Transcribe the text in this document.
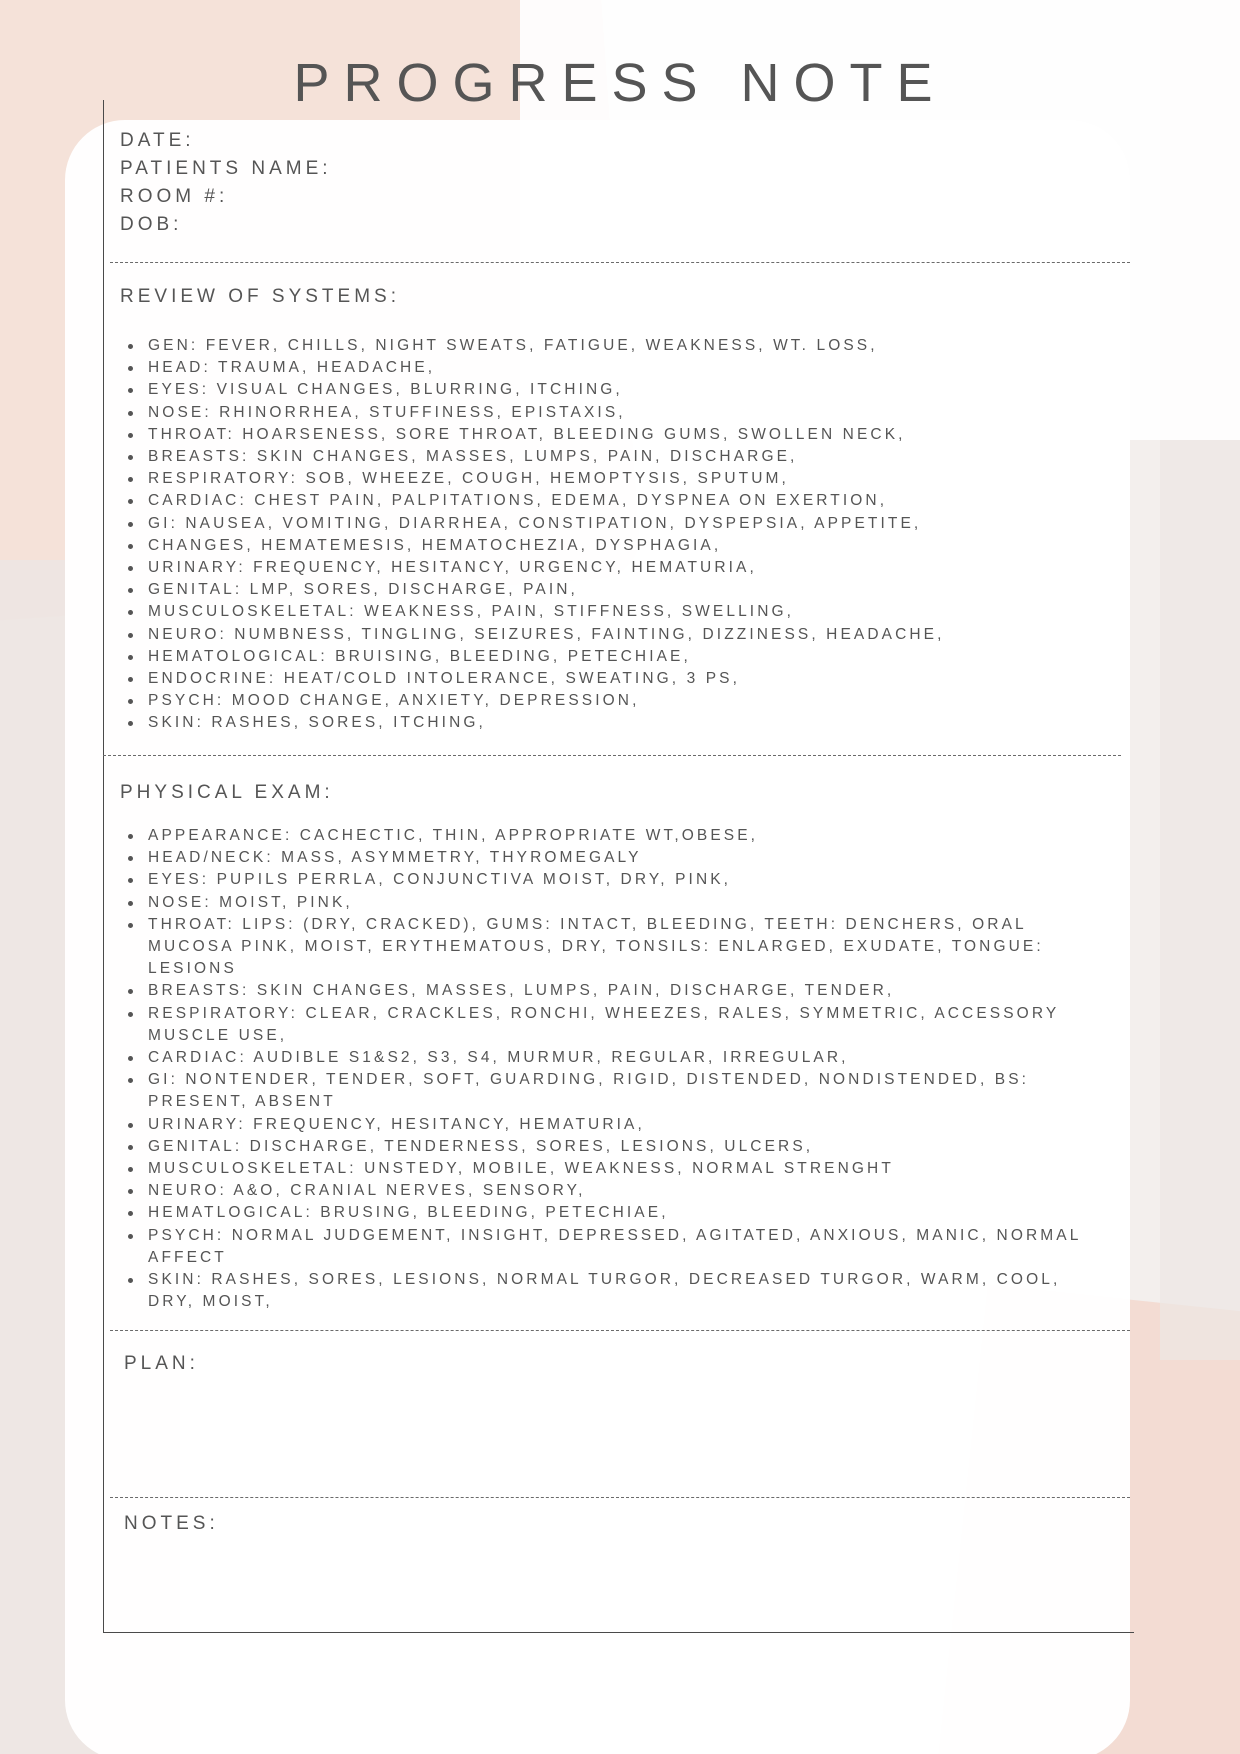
PROGRESS NOTE
DATE:
PATIENTS NAME:
ROOM #:
DOB:
REVIEW OF SYSTEMS:
GEN: FEVER, CHILLS, NIGHT SWEATS, FATIGUE, WEAKNESS, WT. LOSS,
HEAD: TRAUMA, HEADACHE,
EYES: VISUAL CHANGES, BLURRING, ITCHING,
NOSE: RHINORRHEA, STUFFINESS, EPISTAXIS,
THROAT: HOARSENESS, SORE THROAT, BLEEDING GUMS, SWOLLEN NECK,
BREASTS: SKIN CHANGES, MASSES, LUMPS, PAIN, DISCHARGE,
RESPIRATORY: SOB, WHEEZE, COUGH, HEMOPTYSIS, SPUTUM,
CARDIAC: CHEST PAIN, PALPITATIONS, EDEMA, DYSPNEA ON EXERTION,
GI: NAUSEA, VOMITING, DIARRHEA, CONSTIPATION, DYSPEPSIA, APPETITE,
CHANGES, HEMATEMESIS, HEMATOCHEZIA, DYSPHAGIA,
URINARY: FREQUENCY, HESITANCY, URGENCY, HEMATURIA,
GENITAL: LMP, SORES, DISCHARGE, PAIN,
MUSCULOSKELETAL: WEAKNESS, PAIN, STIFFNESS, SWELLING,
NEURO: NUMBNESS, TINGLING, SEIZURES, FAINTING, DIZZINESS, HEADACHE,
HEMATOLOGICAL: BRUISING, BLEEDING, PETECHIAE,
ENDOCRINE: HEAT/COLD INTOLERANCE, SWEATING, 3 PS,
PSYCH: MOOD CHANGE, ANXIETY, DEPRESSION,
SKIN: RASHES, SORES, ITCHING,
PHYSICAL EXAM:
APPEARANCE: CACHECTIC, THIN, APPROPRIATE WT,OBESE,
HEAD/NECK: MASS, ASYMMETRY, THYROMEGALY
EYES: PUPILS PERRLA, CONJUNCTIVA MOIST, DRY, PINK,
NOSE: MOIST, PINK,
THROAT: LIPS: (DRY, CRACKED), GUMS: INTACT, BLEEDING, TEETH: DENCHERS, ORAL
MUCOSA PINK, MOIST, ERYTHEMATOUS, DRY, TONSILS: ENLARGED, EXUDATE, TONGUE:
LESIONS
BREASTS: SKIN CHANGES, MASSES, LUMPS, PAIN, DISCHARGE, TENDER,
RESPIRATORY: CLEAR, CRACKLES, RONCHI, WHEEZES, RALES, SYMMETRIC, ACCESSORY
MUSCLE USE,
CARDIAC: AUDIBLE S1&S2, S3, S4, MURMUR, REGULAR, IRREGULAR,
GI: NONTENDER, TENDER, SOFT, GUARDING, RIGID, DISTENDED, NONDISTENDED, BS:
PRESENT, ABSENT
URINARY: FREQUENCY, HESITANCY, HEMATURIA,
GENITAL: DISCHARGE, TENDERNESS, SORES, LESIONS, ULCERS,
MUSCULOSKELETAL: UNSTEDY, MOBILE, WEAKNESS, NORMAL STRENGHT
NEURO: A&O, CRANIAL NERVES, SENSORY,
HEMATLOGICAL: BRUSING, BLEEDING, PETECHIAE,
PSYCH: NORMAL JUDGEMENT, INSIGHT, DEPRESSED, AGITATED, ANXIOUS, MANIC, NORMAL
AFFECT
SKIN: RASHES, SORES, LESIONS, NORMAL TURGOR, DECREASED TURGOR, WARM, COOL,
DRY, MOIST,
PLAN:
NOTES:
